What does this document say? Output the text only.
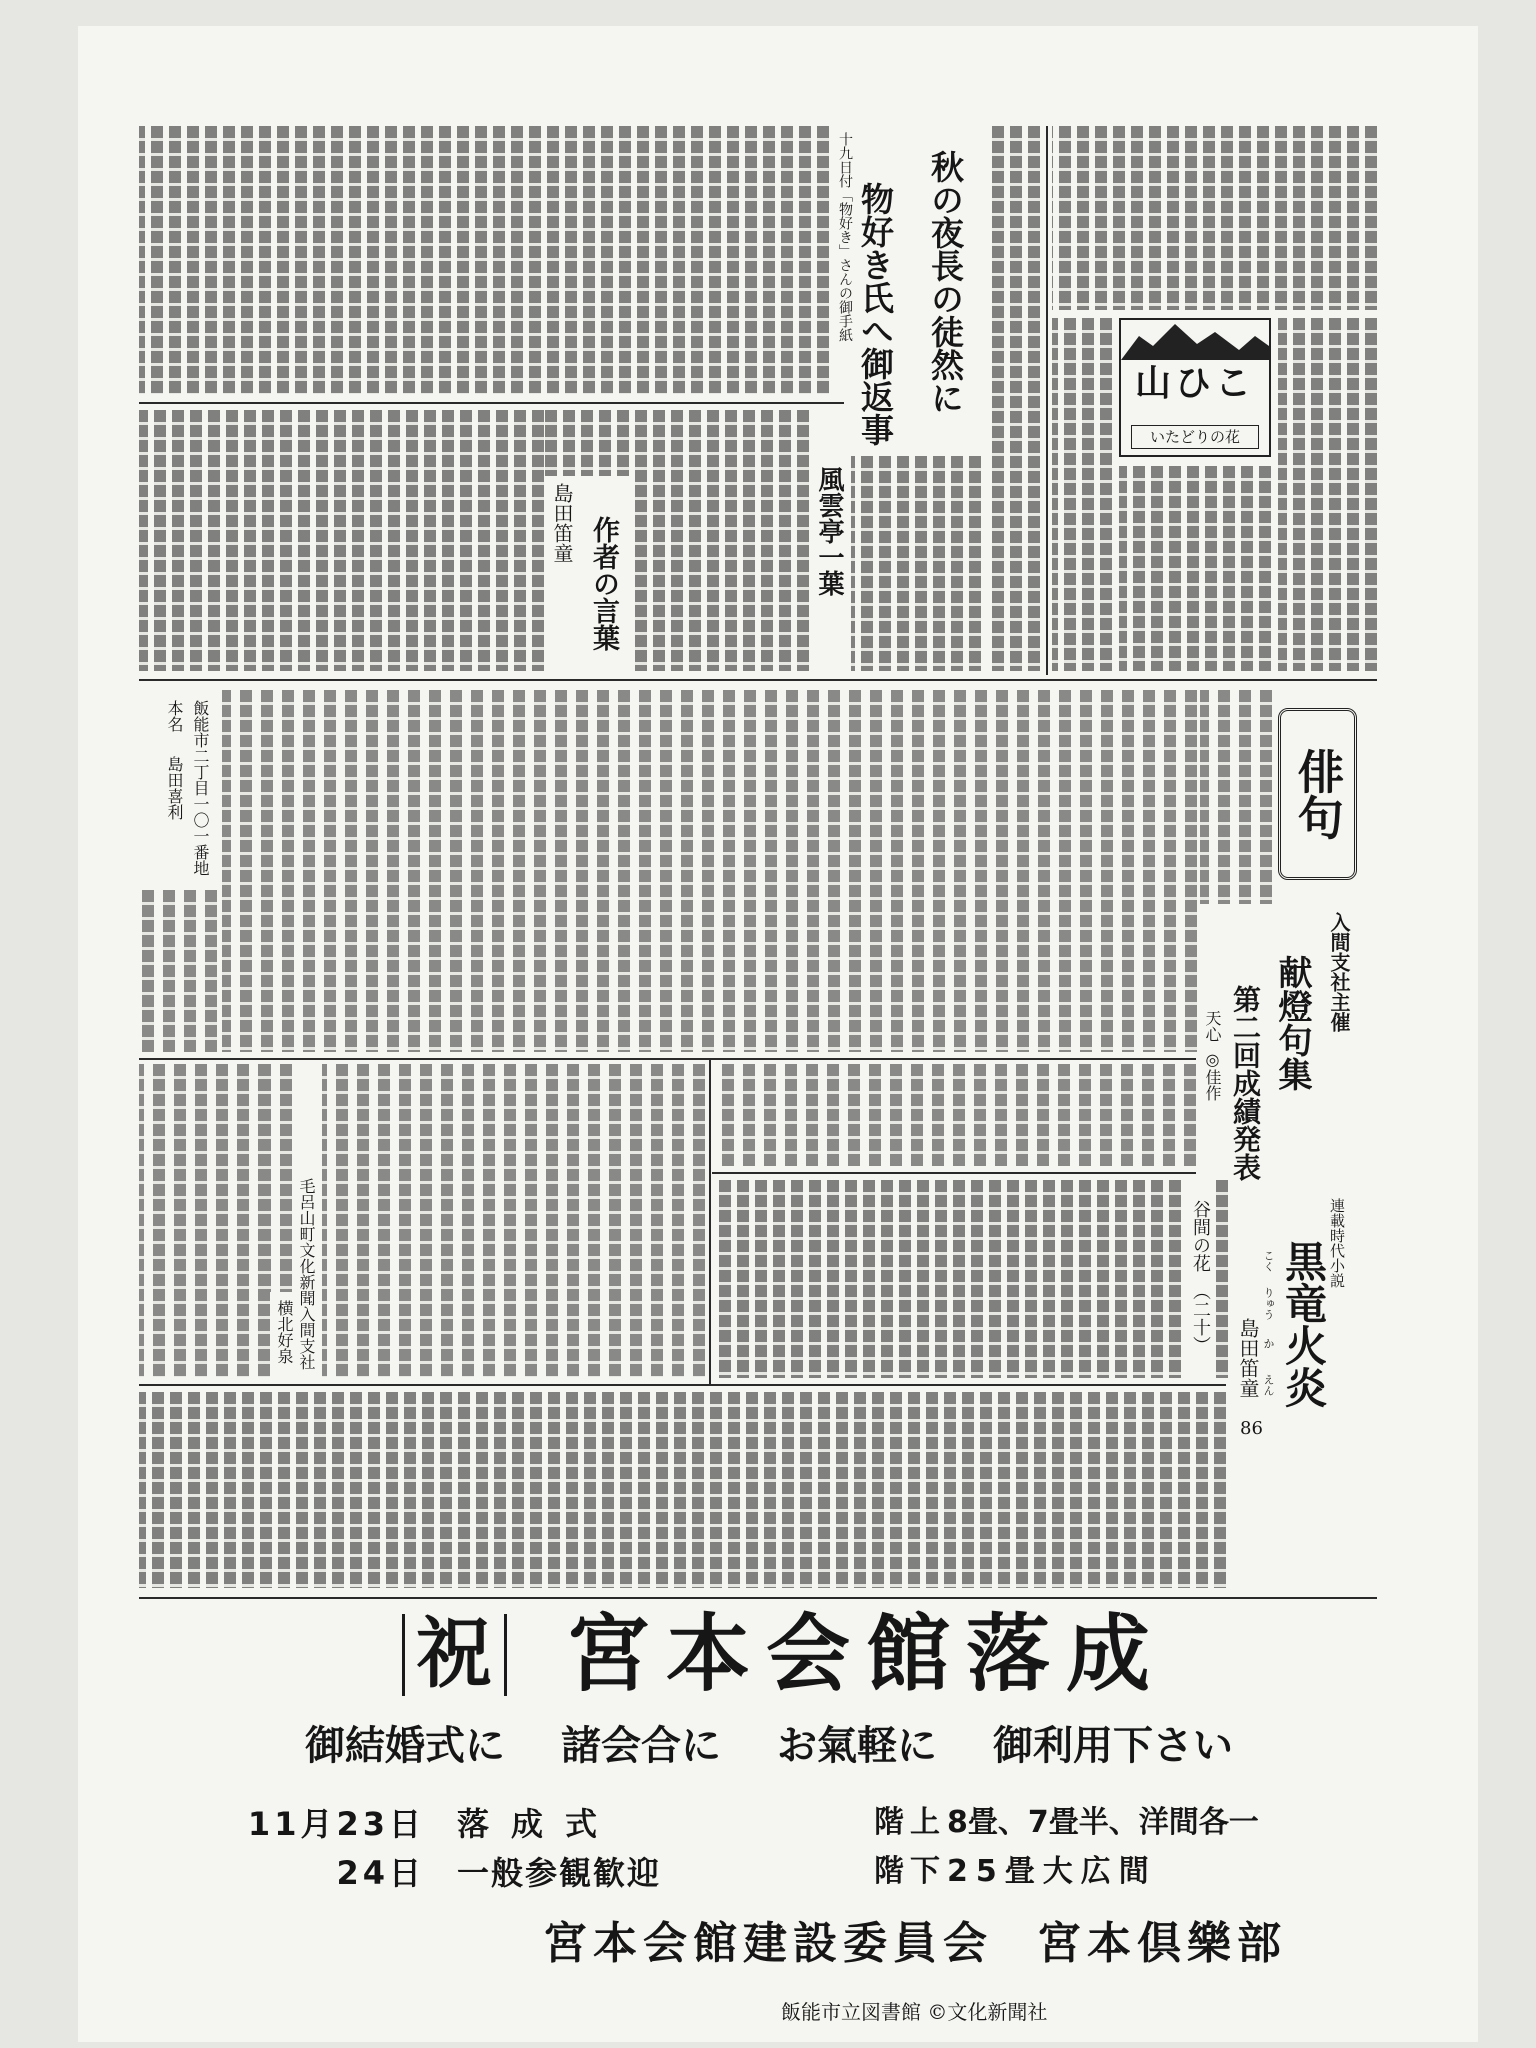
十九日付「物好き」さんの御手紙 秋の夜長の徒然に
物好き氏へ御返事
風雲亭一葉
島田笛童 作者の言葉
山ひこ
いたどりの花
本名島田喜利 飯能市二丁目一〇一番地	俳句
入間支社主催
献燈句集
第二回成績発表
天心
◎佳作
横北好泉 毛呂山町文化新聞入間支社	連載時代小説
黒竜火炎
こく
りゅう
か
えん
島田笛童
86
谷間の花（二十）
祝 宮本会館落成
御結婚式に 諸会合に お氣軽に 御利用下さい
11月23日 落成式
24日 一般参観歓迎
階上 8畳、7畳半、洋間各一
階下 25畳大広間
宮本会館建設委員会 宮本倶樂部
飯能市立図書館 ©文化新聞社
